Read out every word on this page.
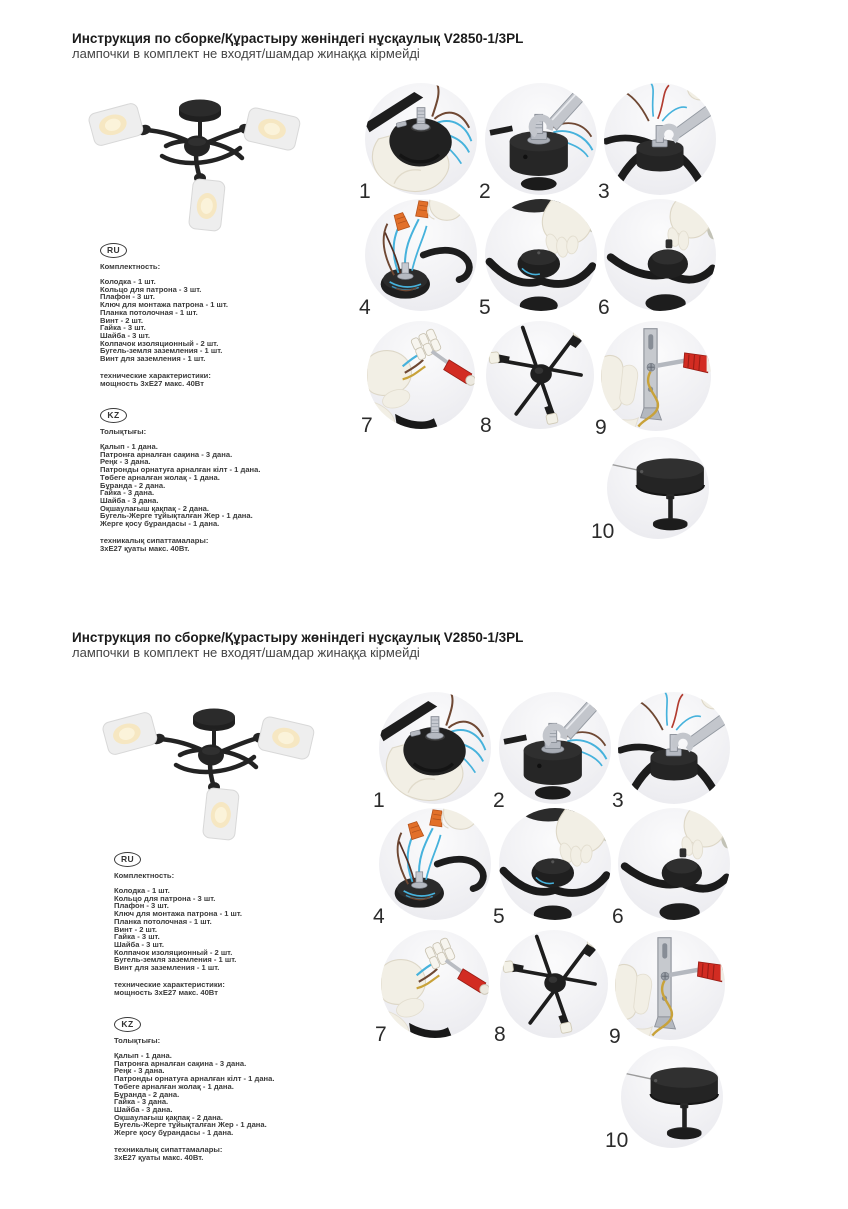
Инструкция по сборке/Құрастыру жөніндегі нұсқаулық V2850-1/3PL
лампочки в комплект не входят/шамдар жинаққа кірмейді
RU
Комплектность:
Колодка - 1 шт.
Кольцо для патрона - 3 шт.
Плафон - 3 шт.
Ключ для монтажа патрона - 1 шт.
Планка потолочная - 1 шт.
Винт - 2 шт.
Гайка - 3 шт.
Шайба - 3 шт.
Колпачок изоляционный - 2 шт.
Бугель-земля заземления - 1 шт.
Винт для заземления - 1 шт.
технические характеристики:
мощность 3хЕ27 макс. 40Вт
KZ
Толықтығы:
Қалып - 1 дана.
Патронға арналған сақина - 3 дана.
Реңк - 3 дана.
Патронды орнатуға арналған кілт - 1 дана.
Төбеге арналған жолақ - 1 дана.
Бұранда - 2 дана.
Гайка - 3 дана.
Шайба - 3 дана.
Оқшаулағыш қақпақ - 2 дана.
Бугель-Жерге тұйықталған Жер - 1 дана.
Жерге қосу бұрандасы - 1 дана.
техникалық сипаттамалары:
3хЕ27 қуаты макс. 40Вт.
1	2	3
4	5	6
7	8	9
10
Инструкция по сборке/Құрастыру жөніндегі нұсқаулық V2850-1/3PL
лампочки в комплект не входят/шамдар жинаққа кірмейді
RU
Комплектность:
Колодка - 1 шт.
Кольцо для патрона - 3 шт.
Плафон - 3 шт.
Ключ для монтажа патрона - 1 шт.
Планка потолочная - 1 шт.
Винт - 2 шт.
Гайка - 3 шт.
Шайба - 3 шт.
Колпачок изоляционный - 2 шт.
Бугель-земля заземления - 1 шт.
Винт для заземления - 1 шт.
технические характеристики:
мощность 3хЕ27 макс. 40Вт
KZ
Толықтығы:
Қалып - 1 дана.
Патронға арналған сақина - 3 дана.
Реңк - 3 дана.
Патронды орнатуға арналған кілт - 1 дана.
Төбеге арналған жолақ - 1 дана.
Бұранда - 2 дана.
Гайка - 3 дана.
Шайба - 3 дана.
Оқшаулағыш қақпақ - 2 дана.
Бугель-Жерге тұйықталған Жер - 1 дана.
Жерге қосу бұрандасы - 1 дана.
техникалық сипаттамалары:
3хЕ27 қуаты макс. 40Вт.
1	2	3
4	5	6
7	8	9
10
